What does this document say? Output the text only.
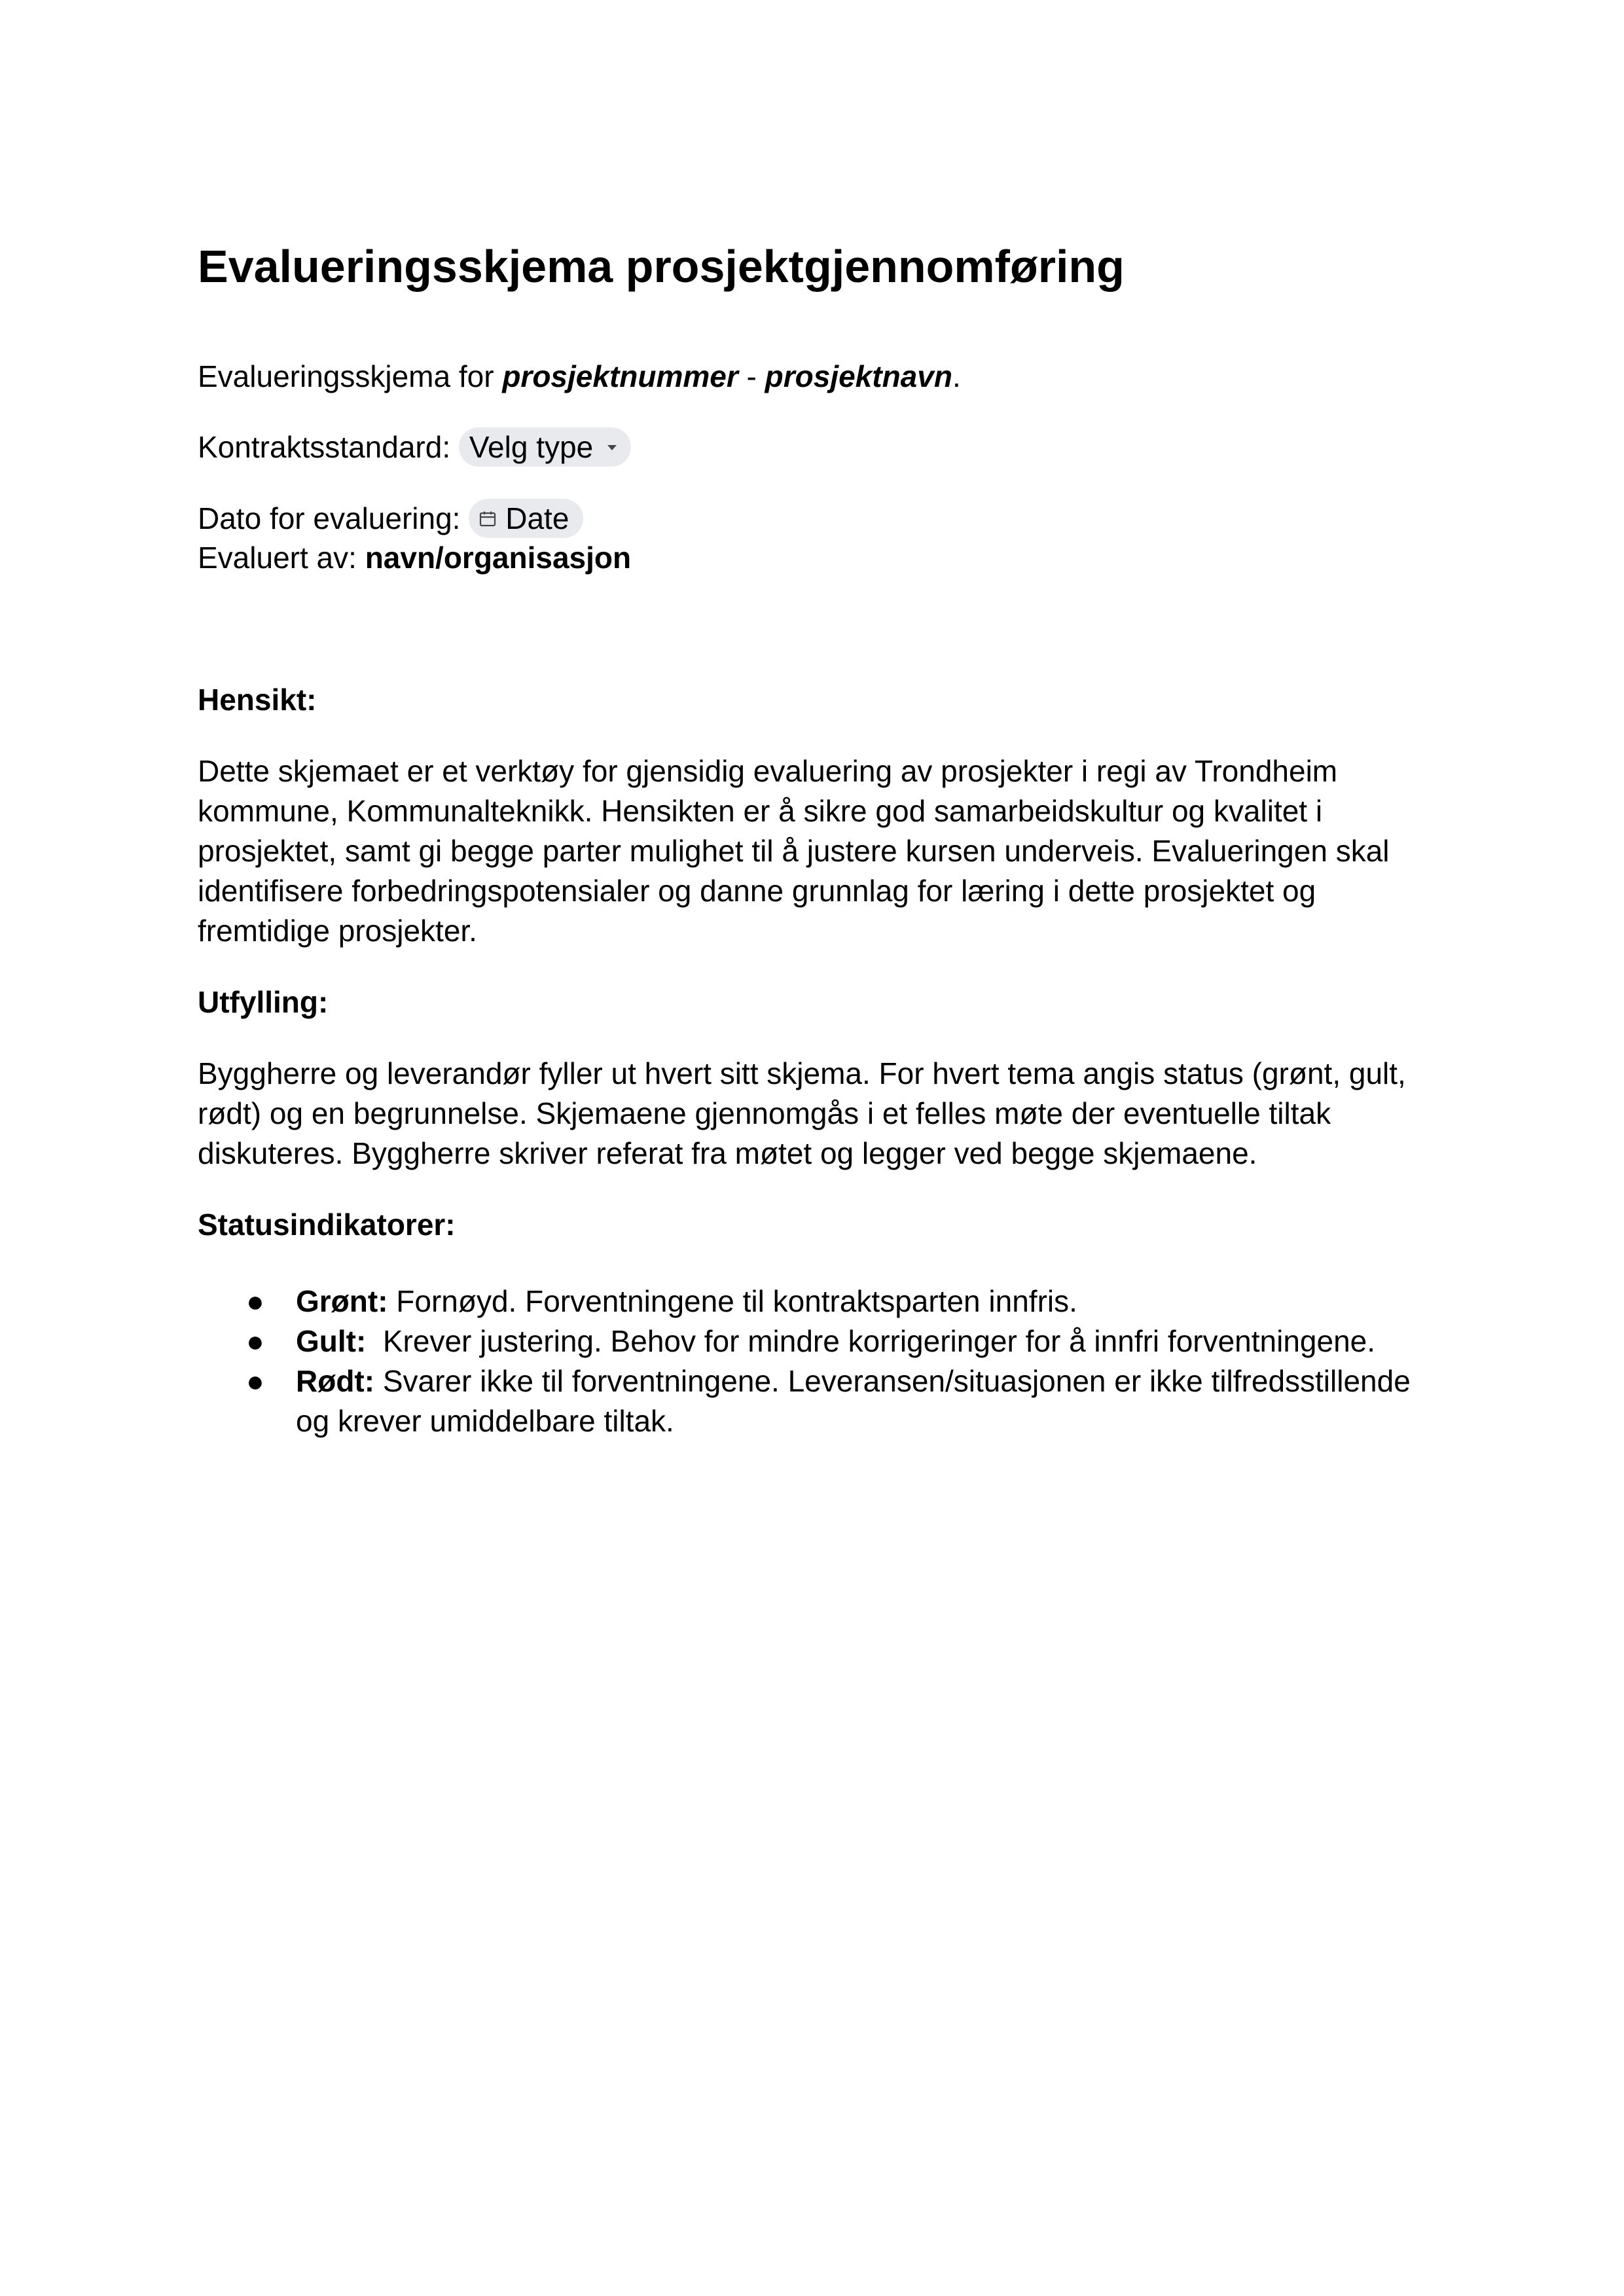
Evalueringsskjema prosjektgjennomføring

Evalueringsskjema for prosjektnummer - prosjektnavn.

Kontraktsstandard: Velg type

Dato for evaluering: Date

Evaluert av: navn/organisasjon

Hensikt:

Dette skjemaet er et verktøy for gjensidig evaluering av prosjekter i regi av Trondheim kommune, Kommunalteknikk. Hensikten er å sikre god samarbeidskultur og kvalitet i prosjektet, samt gi begge parter mulighet til å justere kursen underveis. Evalueringen skal identifisere forbedringspotensialer og danne grunnlag for læring i dette prosjektet og fremtidige prosjekter.

Utfylling:

Byggherre og leverandør fyller ut hvert sitt skjema. For hvert tema angis status (grønt, gult, rødt) og en begrunnelse. Skjemaene gjennomgås i et felles møte der eventuelle tiltak diskuteres. Byggherre skriver referat fra møtet og legger ved begge skjemaene.

Statusindikatorer:

● Grønt: Fornøyd. Forventningene til kontraktsparten innfris.
● Gult:  Krever justering. Behov for mindre korrigeringer for å innfri forventningene.
● Rødt: Svarer ikke til forventningene. Leveransen/situasjonen er ikke tilfredsstillende og krever umiddelbare tiltak.
